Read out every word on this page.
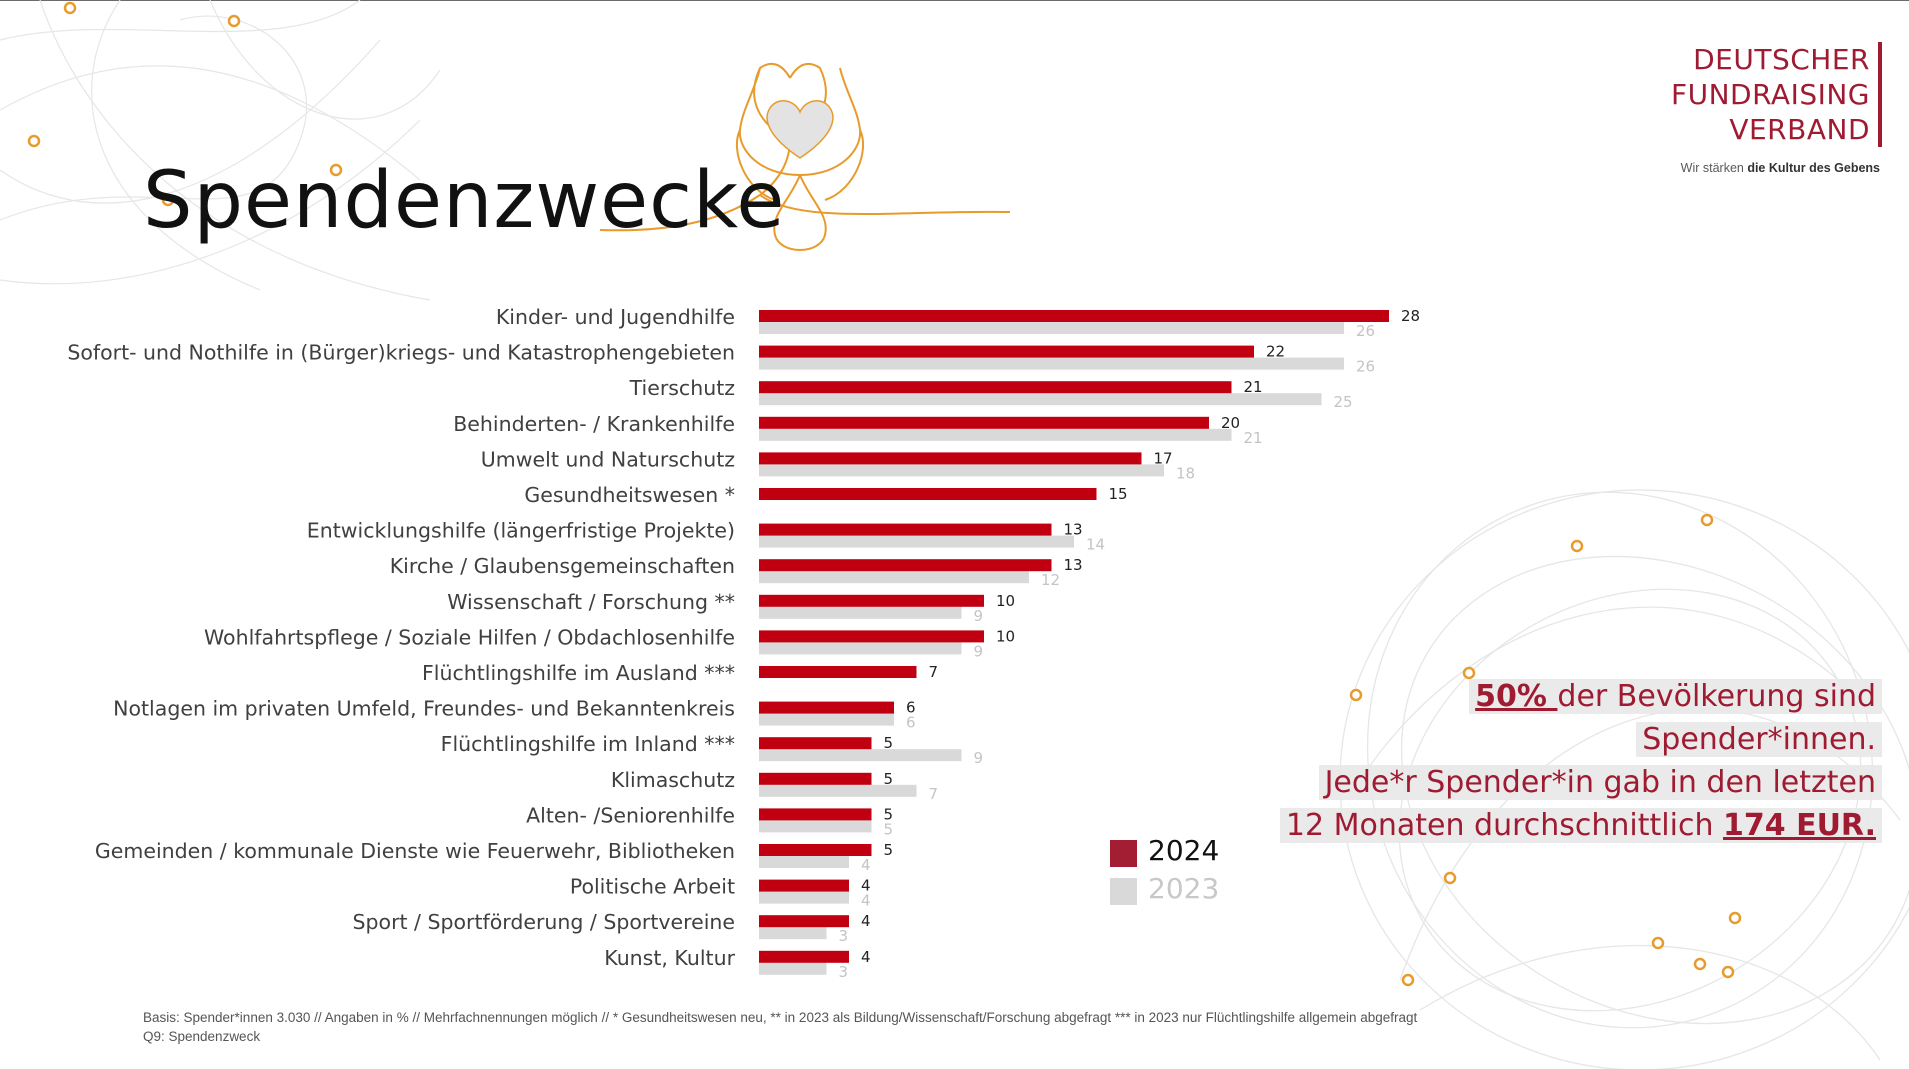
Spendenzwecke
DEUTSCHER
FUNDRAISING
VERBAND
Wir stärken die Kultur des Gebens
Kinder- und Jugendhilfe
26
28
Sofort- und Nothilfe in (Bürger)kriegs- und Katastrophengebieten
26
22
Tierschutz
25
21
Behinderten- / Krankenhilfe
21
20
Umwelt und Naturschutz
18
17
Gesundheitswesen *	15
Entwicklungshilfe (längerfristige Projekte)
14
13
Kirche / Glaubensgemeinschaften
12
13
Wissenschaft / Forschung **
9
10
Wohlfahrtspflege / Soziale Hilfen / Obdachlosenhilfe
9
10
Flüchtlingshilfe im Ausland ***	7
Notlagen im privaten Umfeld, Freundes- und Bekanntenkreis
6
6
Flüchtlingshilfe im Inland ***
9
5
Klimaschutz
7
5
Alten- /Seniorenhilfe
5
5
Gemeinden / kommunale Dienste wie Feuerwehr, Bibliotheken
4
5
Politische Arbeit
4
4
Sport / Sportförderung / Sportvereine
3
4
Kunst, Kultur
3
4
2024
2023
50% der Bevölkerung sind
Spender*innen.
Jede*r Spender*in gab in den letzten
12 Monaten durchschnittlich 174 EUR.
Basis: Spender*innen 3.030 // Angaben in % // Mehrfachnennungen möglich // * Gesundheitswesen neu, ** in 2023 als Bildung/Wissenschaft/Forschung abgefragt *** in 2023 nur Flüchtlingshilfe allgemein abgefragt
Q9: Spendenzweck
